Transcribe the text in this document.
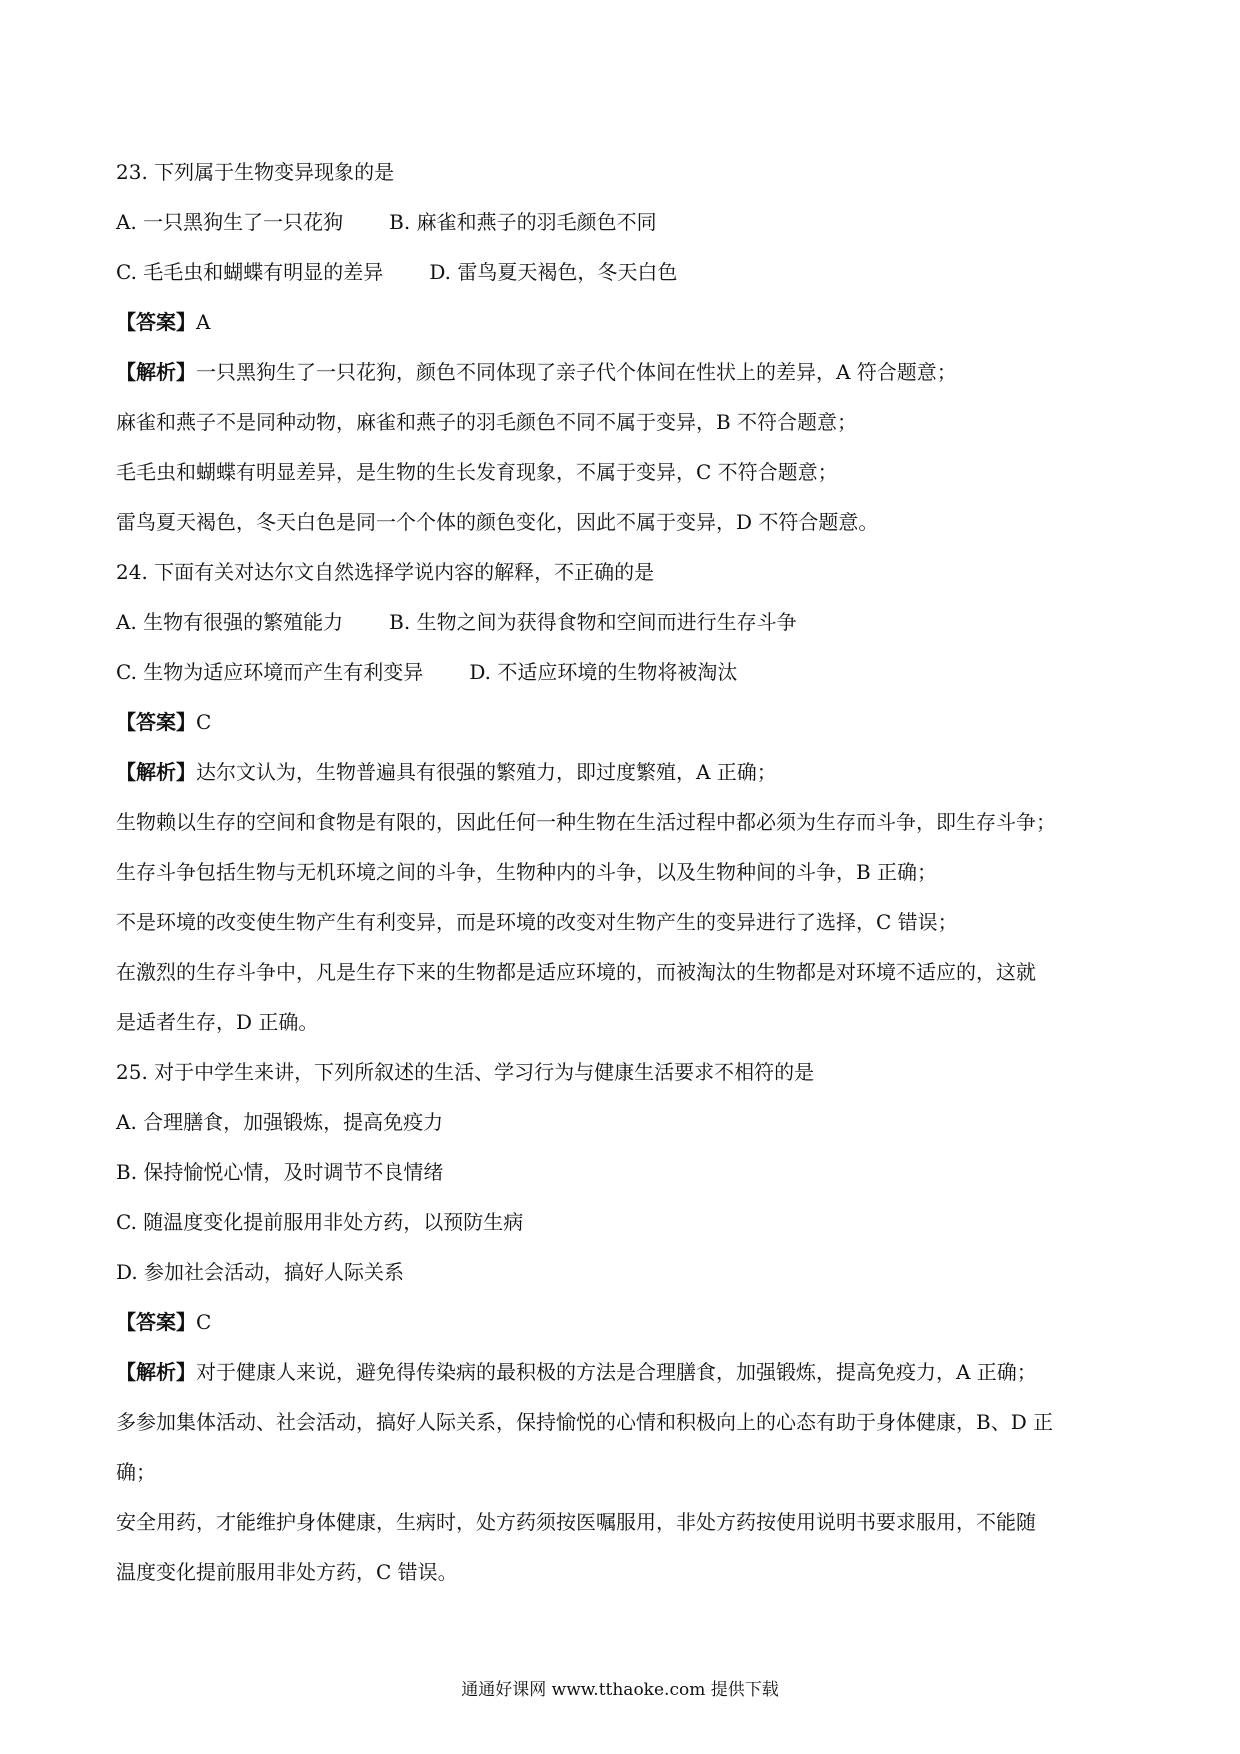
23. 下列属于生物变异现象的是
A. 一只黑狗生了一只花狗 B. 麻雀和燕子的羽毛颜色不同
C. 毛毛虫和蝴蝶有明显的差异 D. 雷鸟夏天褐色，冬天白色
【答案】A
【解析】一只黑狗生了一只花狗，颜色不同体现了亲子代个体间在性状上的差异，A 符合题意；
麻雀和燕子不是同种动物，麻雀和燕子的羽毛颜色不同不属于变异，B 不符合题意；
毛毛虫和蝴蝶有明显差异，是生物的生长发育现象，不属于变异，C 不符合题意；
雷鸟夏天褐色，冬天白色是同一个个体的颜色变化，因此不属于变异，D 不符合题意。
24. 下面有关对达尔文自然选择学说内容的解释，不正确的是
A. 生物有很强的繁殖能力 B. 生物之间为获得食物和空间而进行生存斗争
C. 生物为适应环境而产生有利变异 D. 不适应环境的生物将被淘汰
【答案】C
【解析】达尔文认为，生物普遍具有很强的繁殖力，即过度繁殖，A 正确；
生物赖以生存的空间和食物是有限的，因此任何一种生物在生活过程中都必须为生存而斗争，即生存斗争；
生存斗争包括生物与无机环境之间的斗争，生物种内的斗争，以及生物种间的斗争，B 正确；
不是环境的改变使生物产生有利变异，而是环境的改变对生物产生的变异进行了选择，C 错误；
在激烈的生存斗争中，凡是生存下来的生物都是适应环境的，而被淘汰的生物都是对环境不适应的，这就
是适者生存，D 正确。
25. 对于中学生来讲，下列所叙述的生活、学习行为与健康生活要求不相符的是
A. 合理膳食，加强锻炼，提高免疫力
B. 保持愉悦心情，及时调节不良情绪
C. 随温度变化提前服用非处方药，以预防生病
D. 参加社会活动，搞好人际关系
【答案】C
【解析】对于健康人来说，避免得传染病的最积极的方法是合理膳食，加强锻炼，提高免疫力，A 正确；
多参加集体活动、社会活动，搞好人际关系，保持愉悦的心情和积极向上的心态有助于身体健康，B、D 正
确；
安全用药，才能维护身体健康，生病时，处方药须按医嘱服用，非处方药按使用说明书要求服用，不能随
温度变化提前服用非处方药，C 错误。
通通好课网 www.tthaoke.com 提供下载
